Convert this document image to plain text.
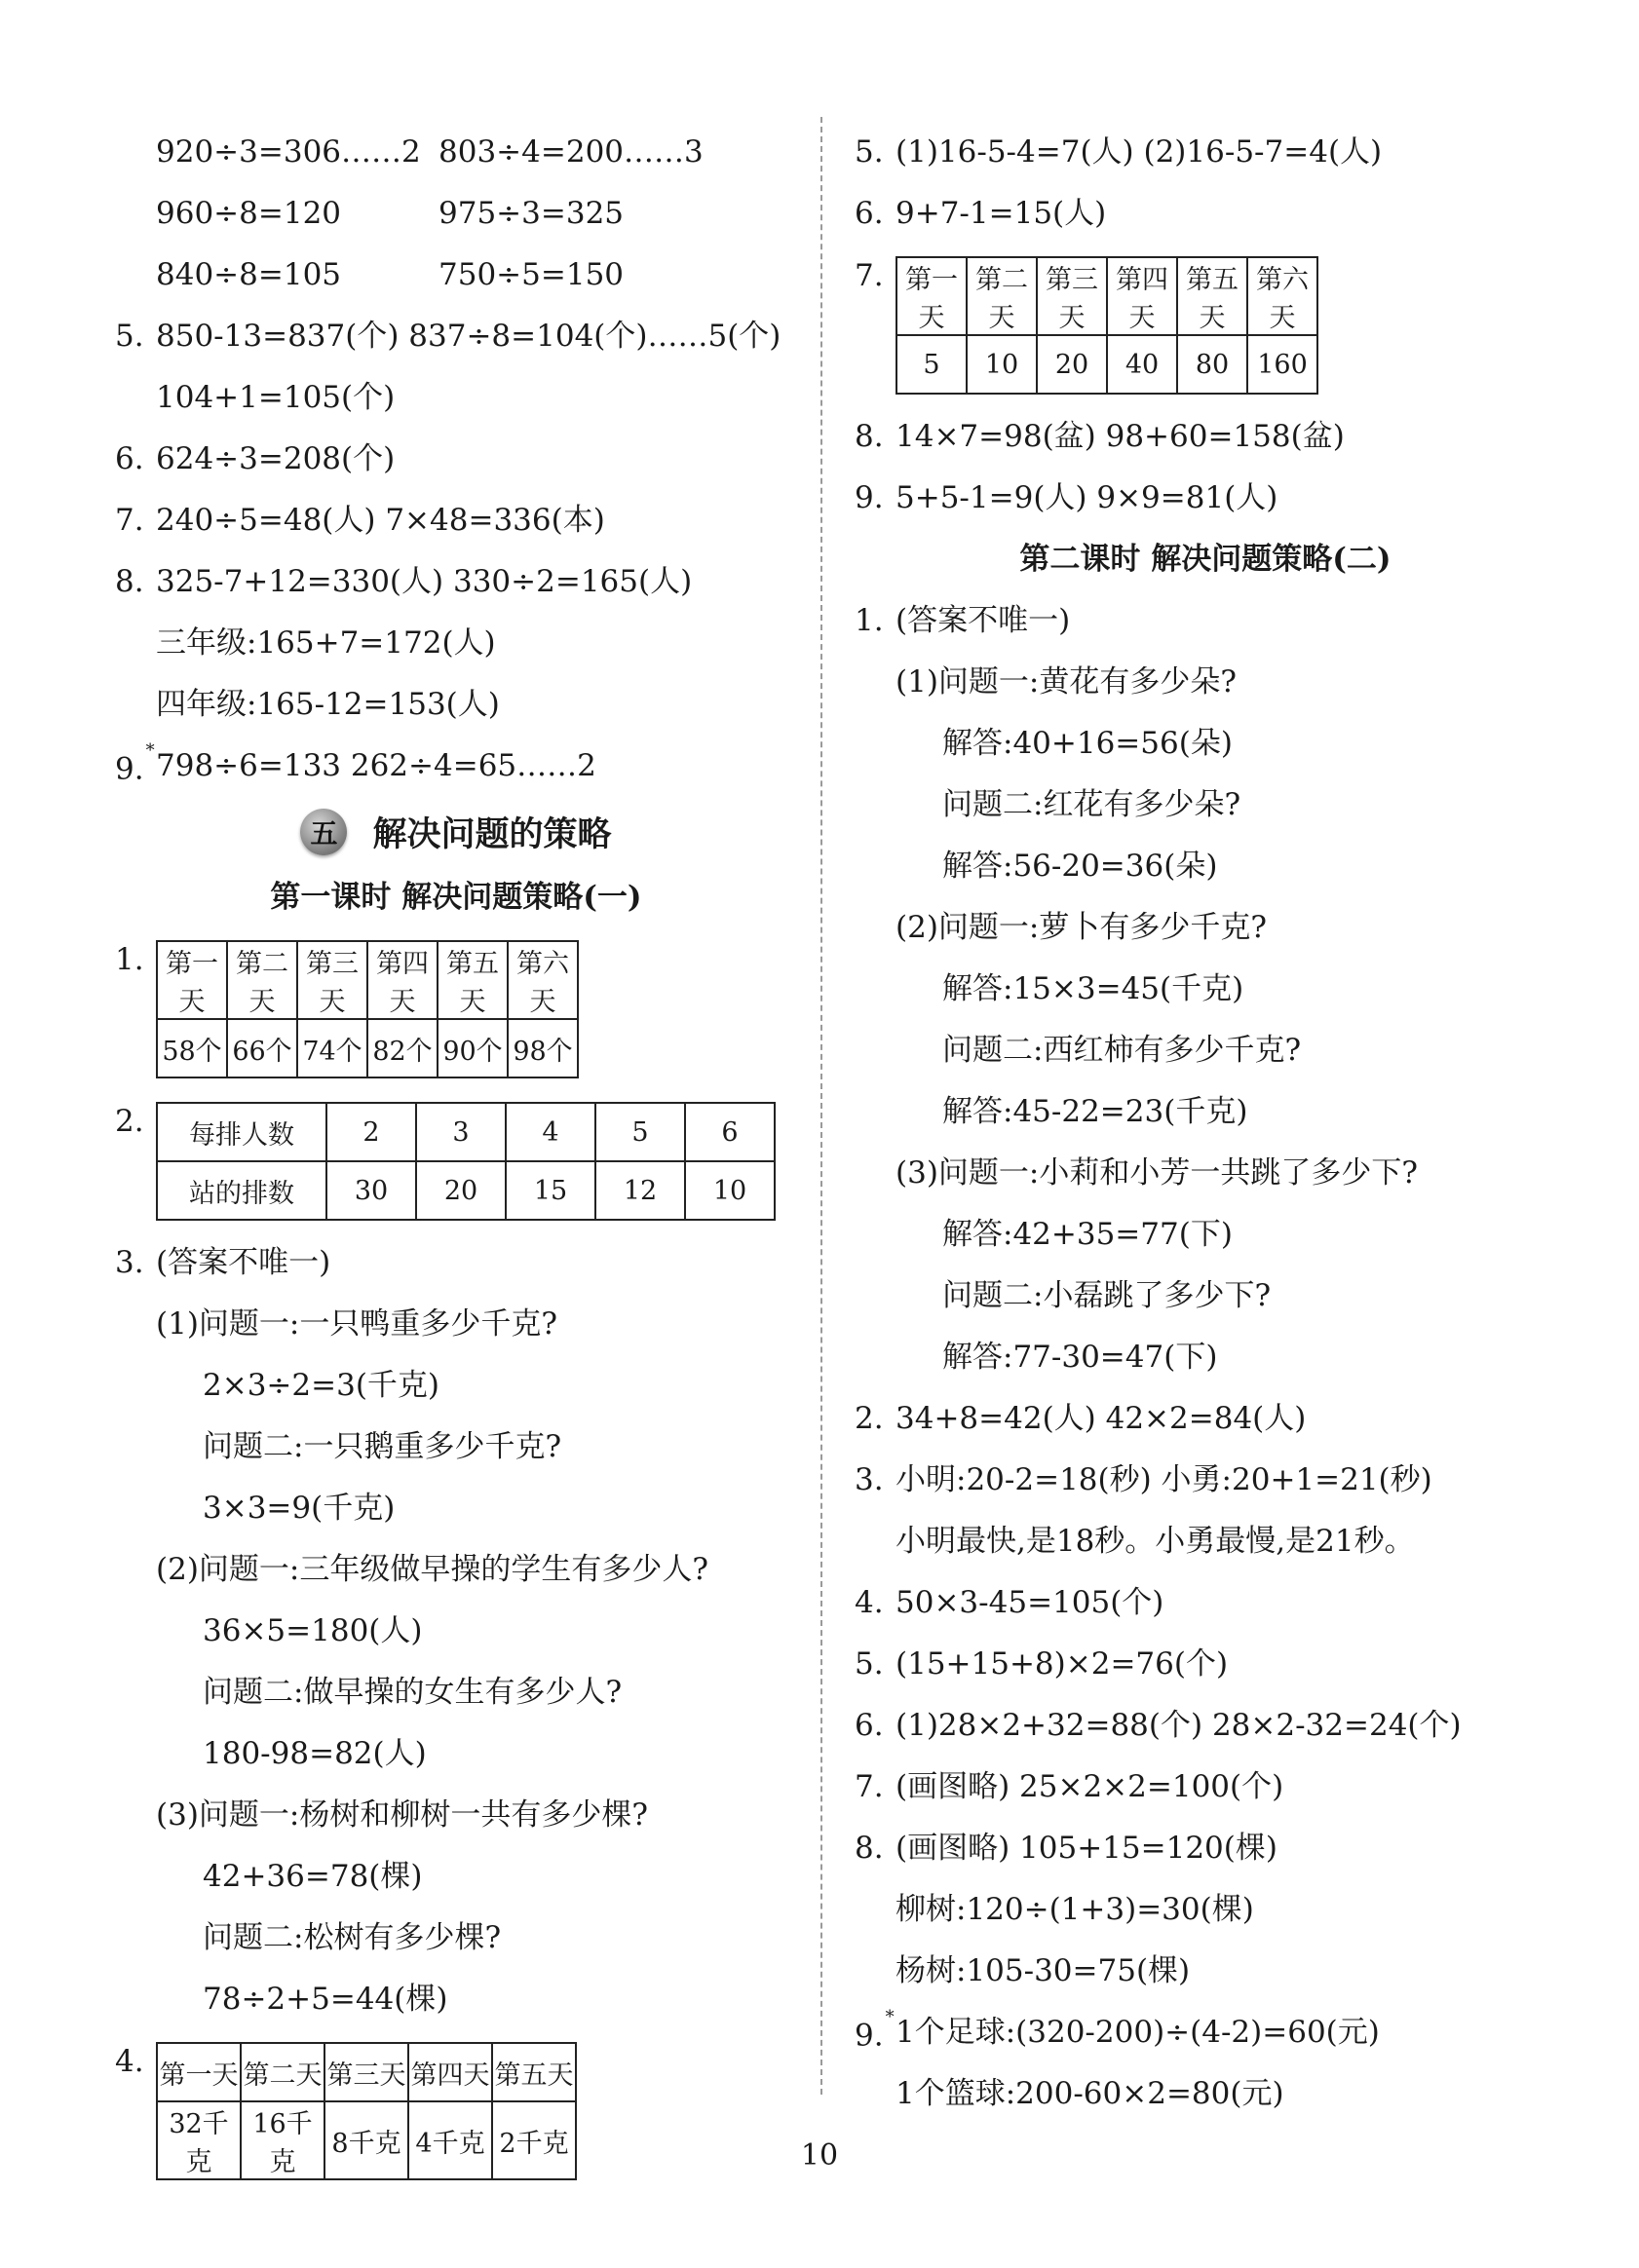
920÷3=306……2 803÷4=200……3
960÷8=120	975÷3=325
840÷8=105	750÷5=150
5. 850-13=837(个) 837÷8=104(个)……5(个)
104+1=105(个)
6. 624÷3=208(个)
7. 240÷5=48(人) 7×48=336(本)
8. 325-7+12=330(人) 330÷2=165(人)
三年级:165+7=172(人)
四年级:165-12=153(人)
9.* 798÷6=133 262÷4=65……2
五 解决问题的策略
第一课时 解决问题策略(一)
1. 第一天	第二天	第三天	第四天	第五天	第六天
58个	66个	74个	82个	90个	98个
2.	每排人数	2	3	4	5	6
站的排数	30	20	15	12	10
3. (答案不唯一)
(1)问题一:一只鸭重多少千克?
2×3÷2=3(千克)
问题二:一只鹅重多少千克?
3×3=9(千克)
(2)问题一:三年级做早操的学生有多少人?
36×5=180(人)
问题二:做早操的女生有多少人?
180-98=82(人)
(3)问题一:杨树和柳树一共有多少棵?
42+36=78(棵)
问题二:松树有多少棵?
78÷2+5=44(棵)
4. 第一天	第二天	第三天	第四天	第五天
32千克	16千克	8千克	4千克	2千克
5. (1)16-5-4=7(人) (2)16-5-7=4(人)
6. 9+7-1=15(人)
7. 第一天	第二天	第三天	第四天	第五天	第六天
5	10	20	40	80	160
8. 14×7=98(盆) 98+60=158(盆)
9. 5+5-1=9(人) 9×9=81(人)
第二课时 解决问题策略(二)
1. (答案不唯一)
(1)问题一:黄花有多少朵?
解答:40+16=56(朵)
问题二:红花有多少朵?
解答:56-20=36(朵)
(2)问题一:萝卜有多少千克?
解答:15×3=45(千克)
问题二:西红柿有多少千克?
解答:45-22=23(千克)
(3)问题一:小莉和小芳一共跳了多少下?
解答:42+35=77(下)
问题二:小磊跳了多少下?
解答:77-30=47(下)
2. 34+8=42(人) 42×2=84(人)
3. 小明:20-2=18(秒) 小勇:20+1=21(秒)
小明最快,是18秒。小勇最慢,是21秒。
4. 50×3-45=105(个)
5. (15+15+8)×2=76(个)
6. (1)28×2+32=88(个) 28×2-32=24(个)
7. (画图略) 25×2×2=100(个)
8. (画图略) 105+15=120(棵)
柳树:120÷(1+3)=30(棵)
杨树:105-30=75(棵)
9.* 1个足球:(320-200)÷(4-2)=60(元)
1个篮球:200-60×2=80(元)
10
